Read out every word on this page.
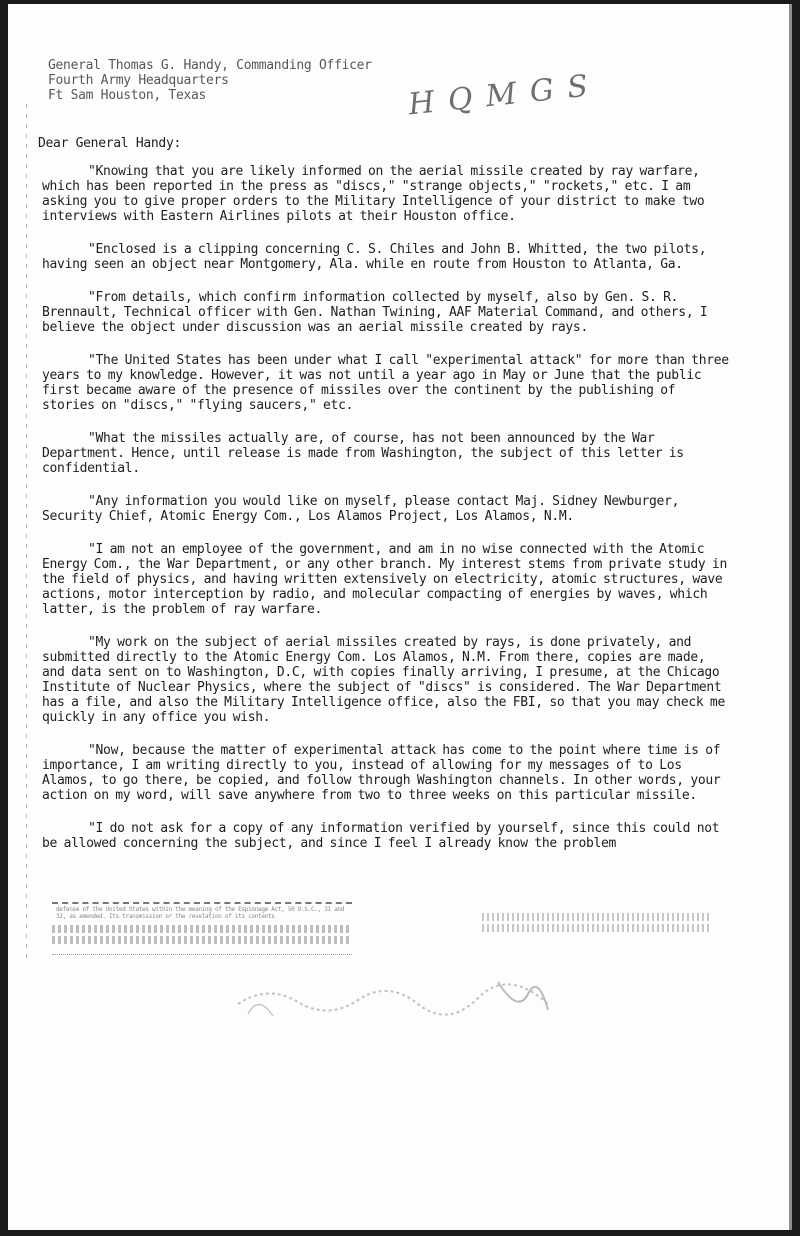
General Thomas G. Handy, Commanding Officer
Fourth Army Headquarters
Ft Sam Houston, Texas	H Q M G S
Dear General Handy:

"Knowing that you are likely informed on the aerial missile created by ray warfare, which has been reported in the press as "discs," "strange objects," "rockets," etc. I am asking you to give proper orders to the Military Intelligence of your district to make two interviews with Eastern Airlines pilots at their Houston office.

"Enclosed is a clipping concerning C. S. Chiles and John B. Whitted, the two pilots, having seen an object near Montgomery, Ala. while en route from Houston to Atlanta, Ga.

"From details, which confirm information collected by myself, also by Gen. S. R. Brennault, Technical officer with Gen. Nathan Twining, AAF Material Command, and others, I believe the object under discussion was an aerial missile created by rays.

"The United States has been under what I call "experimental attack" for more than three years to my knowledge. However, it was not until a year ago in May or June that the public first became aware of the presence of missiles over the continent by the publishing of stories on "discs," "flying saucers," etc.

"What the missiles actually are, of course, has not been announced by the War Department. Hence, until release is made from Washington, the subject of this letter is confidential.

"Any information you would like on myself, please contact Maj. Sidney Newburger, Security Chief, Atomic Energy Com., Los Alamos Project, Los Alamos, N.M.

"I am not an employee of the government, and am in no wise connected with the Atomic Energy Com., the War Department, or any other branch. My interest stems from private study in the field of physics, and having written extensively on electricity, atomic structures, wave actions, motor interception by radio, and molecular compacting of energies by waves, which latter, is the problem of ray warfare.

"My work on the subject of aerial missiles created by rays, is done privately, and submitted directly to the Atomic Energy Com. Los Alamos, N.M. From there, copies are made, and data sent on to Washington, D.C, with copies finally arriving, I presume, at the Chicago Institute of Nuclear Physics, where the subject of "discs" is considered. The War Department has a file, and also the Military Intelligence office, also the FBI, so that you may check me quickly in any office you wish.

"Now, because the matter of experimental attack has come to the point where time is of importance, I am writing directly to you, instead of allowing for my messages of to Los Alamos, to go there, be copied, and follow through Washington channels. In other words, your action on my word, will save anywhere from two to three weeks on this particular missile.

"I do not ask for a copy of any information verified by yourself, since this could not be allowed concerning the subject, and since I feel I already know the problem

defense of the United States within the meaning of the Espionage Act, 50 U.S.C., 31 and 32, as amended. Its transmission or the revelation of its contents
